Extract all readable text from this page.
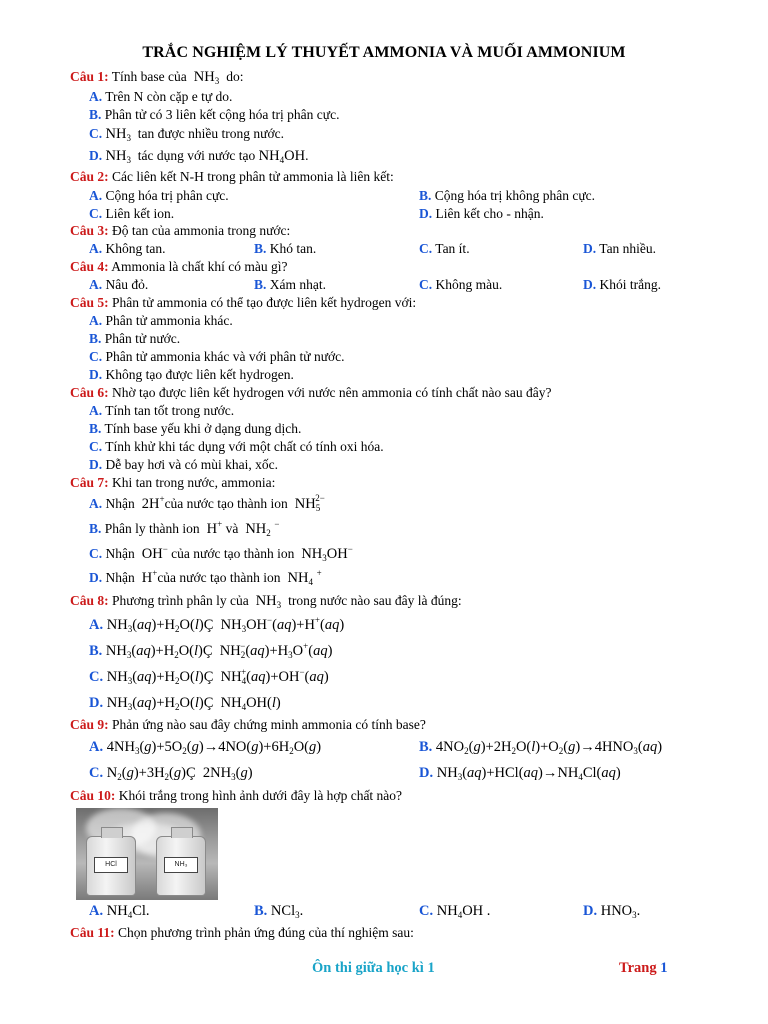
TRẮC NGHIỆM LÝ THUYẾT AMMONIA VÀ MUỐI AMMONIUM
Câu 1: Tính base của  $NH_3$ do:
A. Trên N còn cặp e tự do.
B. Phân tử có 3 liên kết cộng hóa trị phân cực.
C. $NH_3$ tan được nhiều trong nước.
D. $NH_3$ tác dụng với nước tạo $NH_4OH$.
Câu 2: Các liên kết N-H trong phân tử ammonia là liên kết:
A. Cộng hóa trị phân cực.	B. Cộng hóa trị không phân cực.
C. Liên kết ion.	D. Liên kết cho - nhận.
Câu 3: Độ tan của ammonia trong nước:
A. Không tan.	B. Khó tan.	C. Tan ít.	D. Tan nhiều.
Câu 4: Ammonia là chất khí có màu gì?
A. Nâu đỏ.	B. Xám nhạt.	C. Không màu.	D. Khói trắng.
Câu 5: Phân tử ammonia có thể tạo được liên kết hydrogen với:
A. Phân tử ammonia khác.
B. Phân tử nước.
C. Phân tử ammonia khác và với phân tử nước.
D. Không tạo được liên kết hydrogen.
Câu 6: Nhờ tạo được liên kết hydrogen với nước nên ammonia có tính chất nào sau đây?
A. Tính tan tốt trong nước.
B. Tính base yếu khi ở dạng dung dịch.
C. Tính khử khi tác dụng với một chất có tính oxi hóa.
D. Dễ bay hơi và có mùi khai, xốc.
Câu 7: Khi tan trong nước, ammonia:
A. Nhận  2H+của nước tạo thành ion  $NH_5^{2-}$
B. Phân ly thành ion  H+ và  $NH_2$ −
C. Nhận  OH− của nước tạo thành ion  $NH_3OH^-$
D. Nhận  H+của nước tạo thành ion  $NH_4$ +
Câu 8: Phương trình phân ly của  $NH_3$ trong nước nào sau đây là đúng:
A. $NH_3(aq)+H_2O(l)Ç$  $NH_3OH^-(aq)+H^+(aq)$
B. $NH_3(aq)+H_2O(l)Ç$  $NH_2^-(aq)+H_3O^+(aq)$
C. $NH_3(aq)+H_2O(l)Ç$  $NH_4^+(aq)+OH^-(aq)$
D. $NH_3(aq)+H_2O(l)Ç$  $NH_4OH(l)$
Câu 9: Phản ứng nào sau đây chứng minh ammonia có tính base?
A. $4NH_3(g)+5O_2(g)\to 4NO(g)+6H_2O(g)$	B. $4NO_2(g)+2H_2O(l)+O_2(g)\to 4HNO_3(aq)$
C. $N_2(g)+3H_2(g)Ç$  $2NH_3(g)$	D. $NH_3(aq)+HCl(aq)\to NH_4Cl(aq)$
Câu 10: Khói trắng trong hình ảnh dưới đây là hợp chất nào?
HCl	NH₃
A. $NH_4Cl$.	B. NCl$_3$.	C. $NH_4OH$ .	D. $HNO_3$.
Câu 11: Chọn phương trình phản ứng đúng của thí nghiệm sau:
Ôn thi giữa học kì 1	Trang 1
